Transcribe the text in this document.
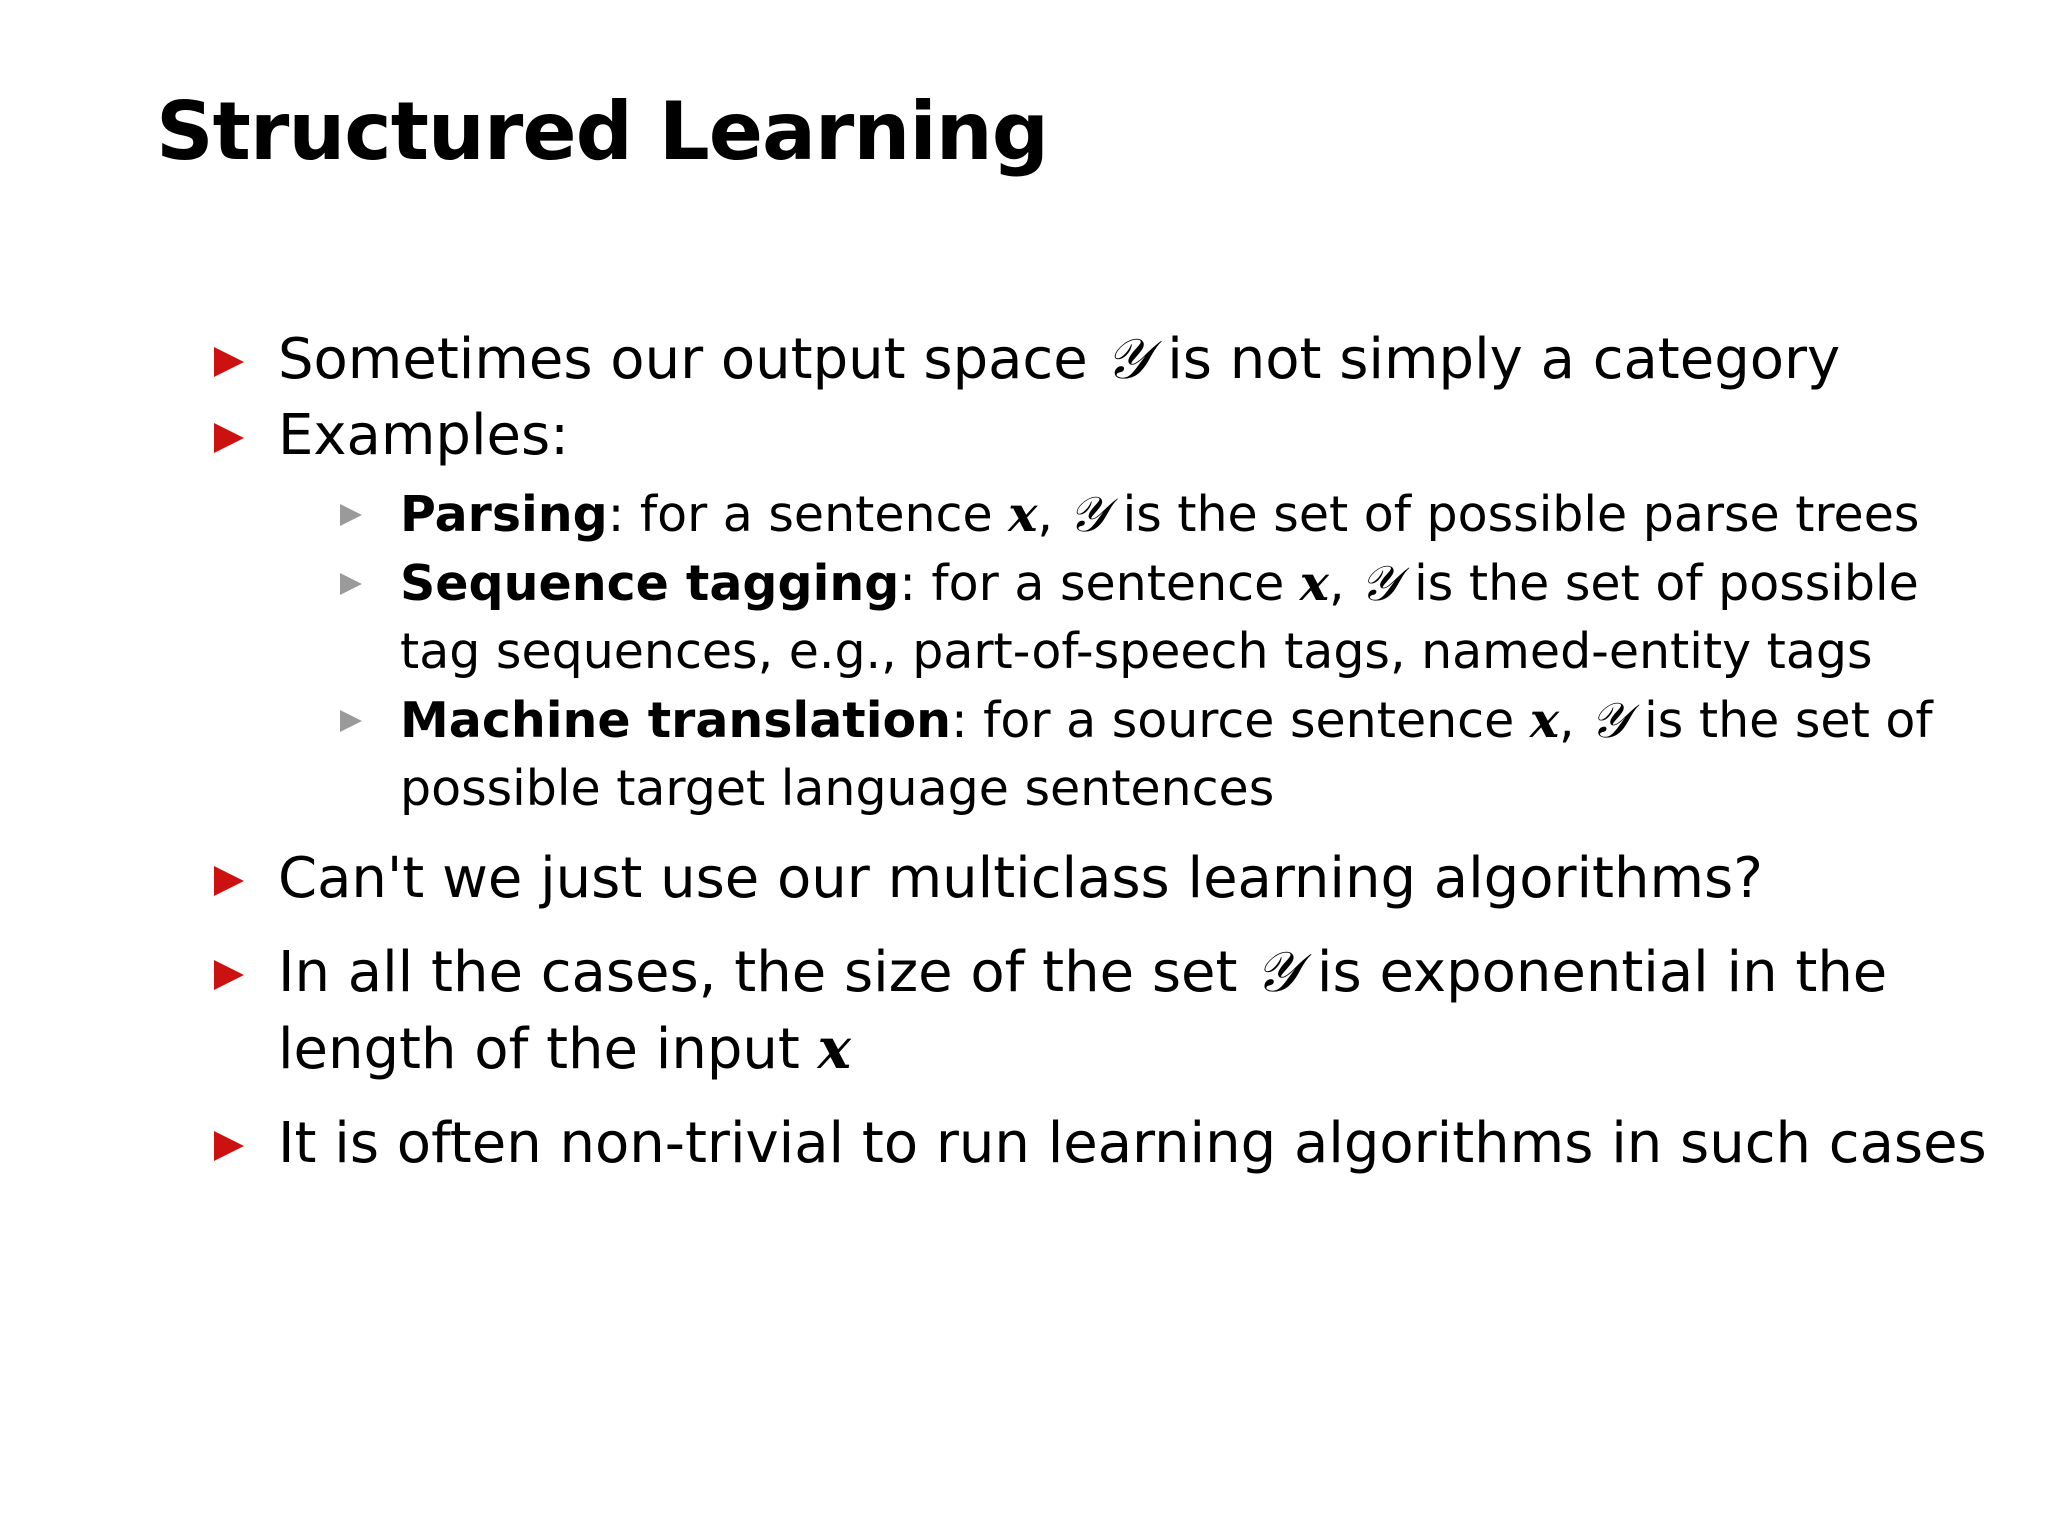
Structured Learning
Sometimes our output space 𝒴 is not simply a category
Examples:
Parsing: for a sentence x, 𝒴 is the set of possible parse trees
Sequence tagging: for a sentence x, 𝒴 is the set of possible tag sequences, e.g., part-of-speech tags, named-entity tags
Machine translation: for a source sentence x, 𝒴 is the set of possible target language sentences
Can't we just use our multiclass learning algorithms?
In all the cases, the size of the set 𝒴 is exponential in the length of the input x
It is often non-trivial to run learning algorithms in such cases
